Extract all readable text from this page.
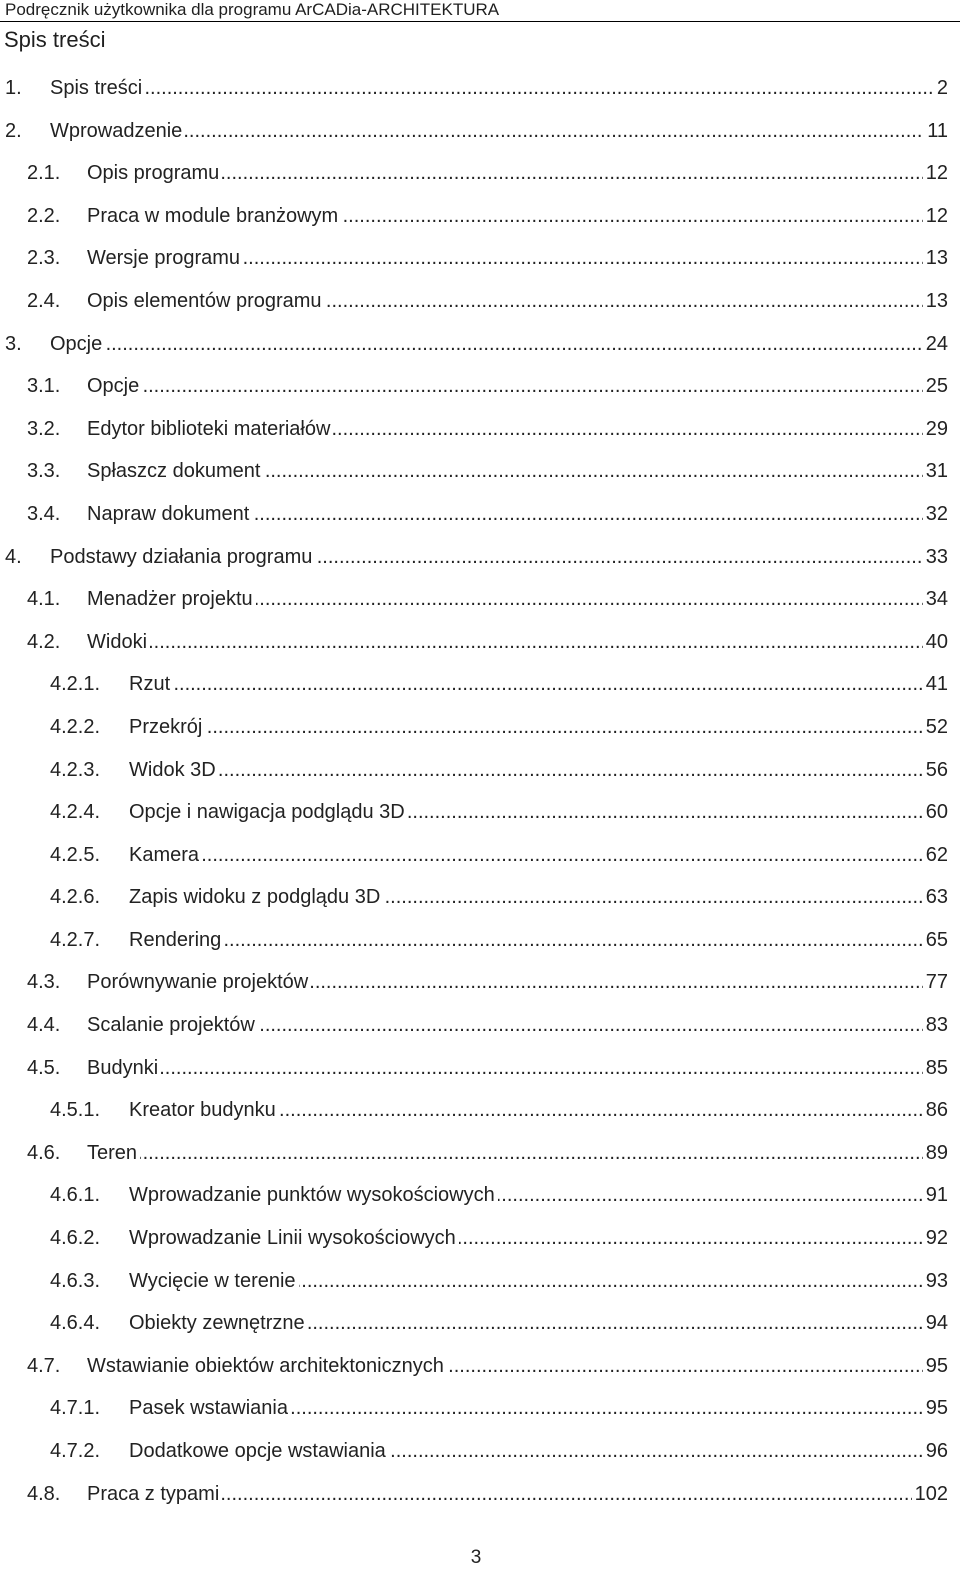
Podręcznik użytkownika dla programu ArCADia-ARCHITEKTURA
Spis treści
1. Spis treści .....	2
2. Wprowadzenie .....	11
2.1. Opis programu .....	12
2.2. Praca w module branżowym .....	12
2.3. Wersje programu .....	13
2.4. Opis elementów programu .....	13
3. Opcje .....	24
3.1. Opcje .....	25
3.2. Edytor biblioteki materiałów .....	29
3.3. Spłaszcz dokument .....	31
3.4. Napraw dokument .....	32
4. Podstawy działania programu .....	33
4.1. Menadżer projektu .....	34
4.2. Widoki .....	40
4.2.1. Rzut .....	41
4.2.2. Przekrój .....	52
4.2.3. Widok 3D .....	56
4.2.4. Opcje i nawigacja podglądu 3D .....	60
4.2.5. Kamera .....	62
4.2.6. Zapis widoku z podglądu 3D .....	63
4.2.7. Rendering .....	65
4.3. Porównywanie projektów .....	77
4.4. Scalanie projektów .....	83
4.5. Budynki .....	85
4.5.1. Kreator budynku .....	86
4.6. Teren .....	89
4.6.1. Wprowadzanie punktów wysokościowych .....	91
4.6.2. Wprowadzanie Linii wysokościowych .....	92
4.6.3. Wycięcie w terenie .....	93
4.6.4. Obiekty zewnętrzne .....	94
4.7. Wstawianie obiektów architektonicznych .....	95
4.7.1. Pasek wstawiania .....	95
4.7.2. Dodatkowe opcje wstawiania .....	96
4.8. Praca z typami .....	102
3
